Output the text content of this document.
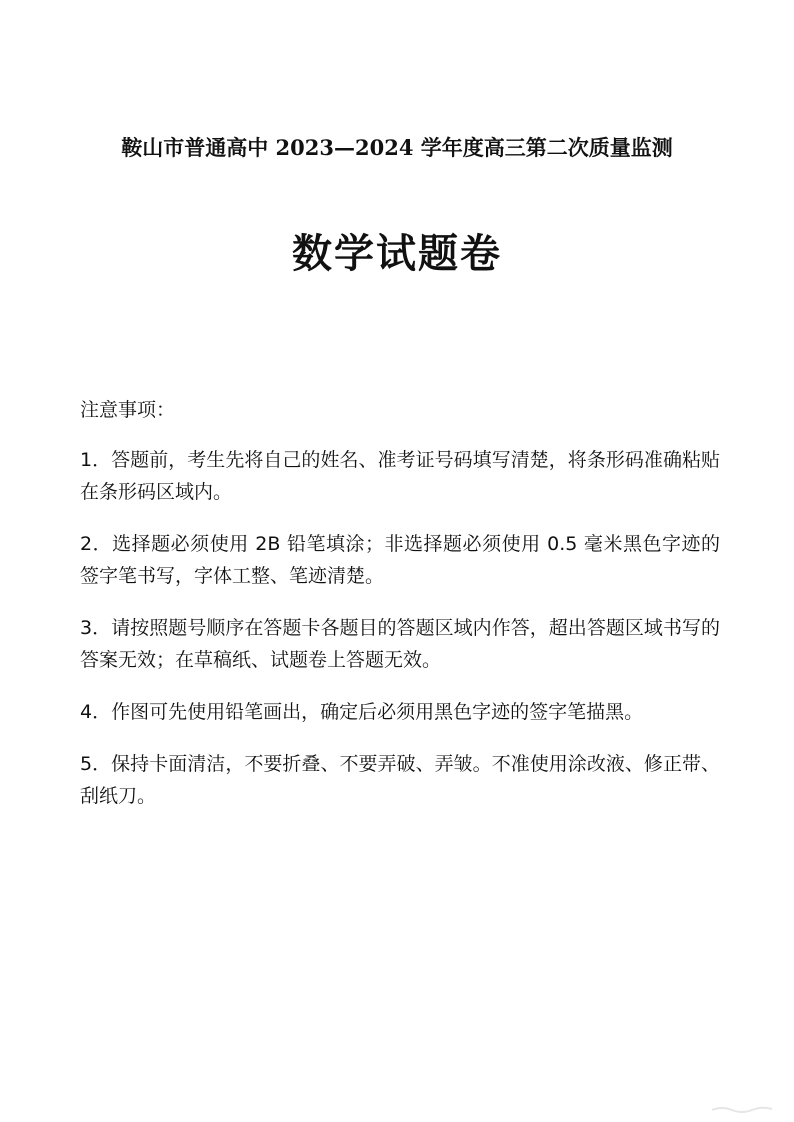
鞍山市普通高中 2023—2024 学年度高三第二次质量监测
数学试题卷
注意事项：
1．答题前，考生先将自己的姓名、准考证号码填写清楚，将条形码准确粘贴在条形码区域内。
2．选择题必须使用 2B 铅笔填涂；非选择题必须使用 0.5 毫米黑色字迹的签字笔书写，字体工整、笔迹清楚。
3．请按照题号顺序在答题卡各题目的答题区域内作答，超出答题区域书写的答案无效；在草稿纸、试题卷上答题无效。
4．作图可先使用铅笔画出，确定后必须用黑色字迹的签字笔描黑。
5．保持卡面清洁，不要折叠、不要弄破、弄皱。不准使用涂改液、修正带、刮纸刀。
